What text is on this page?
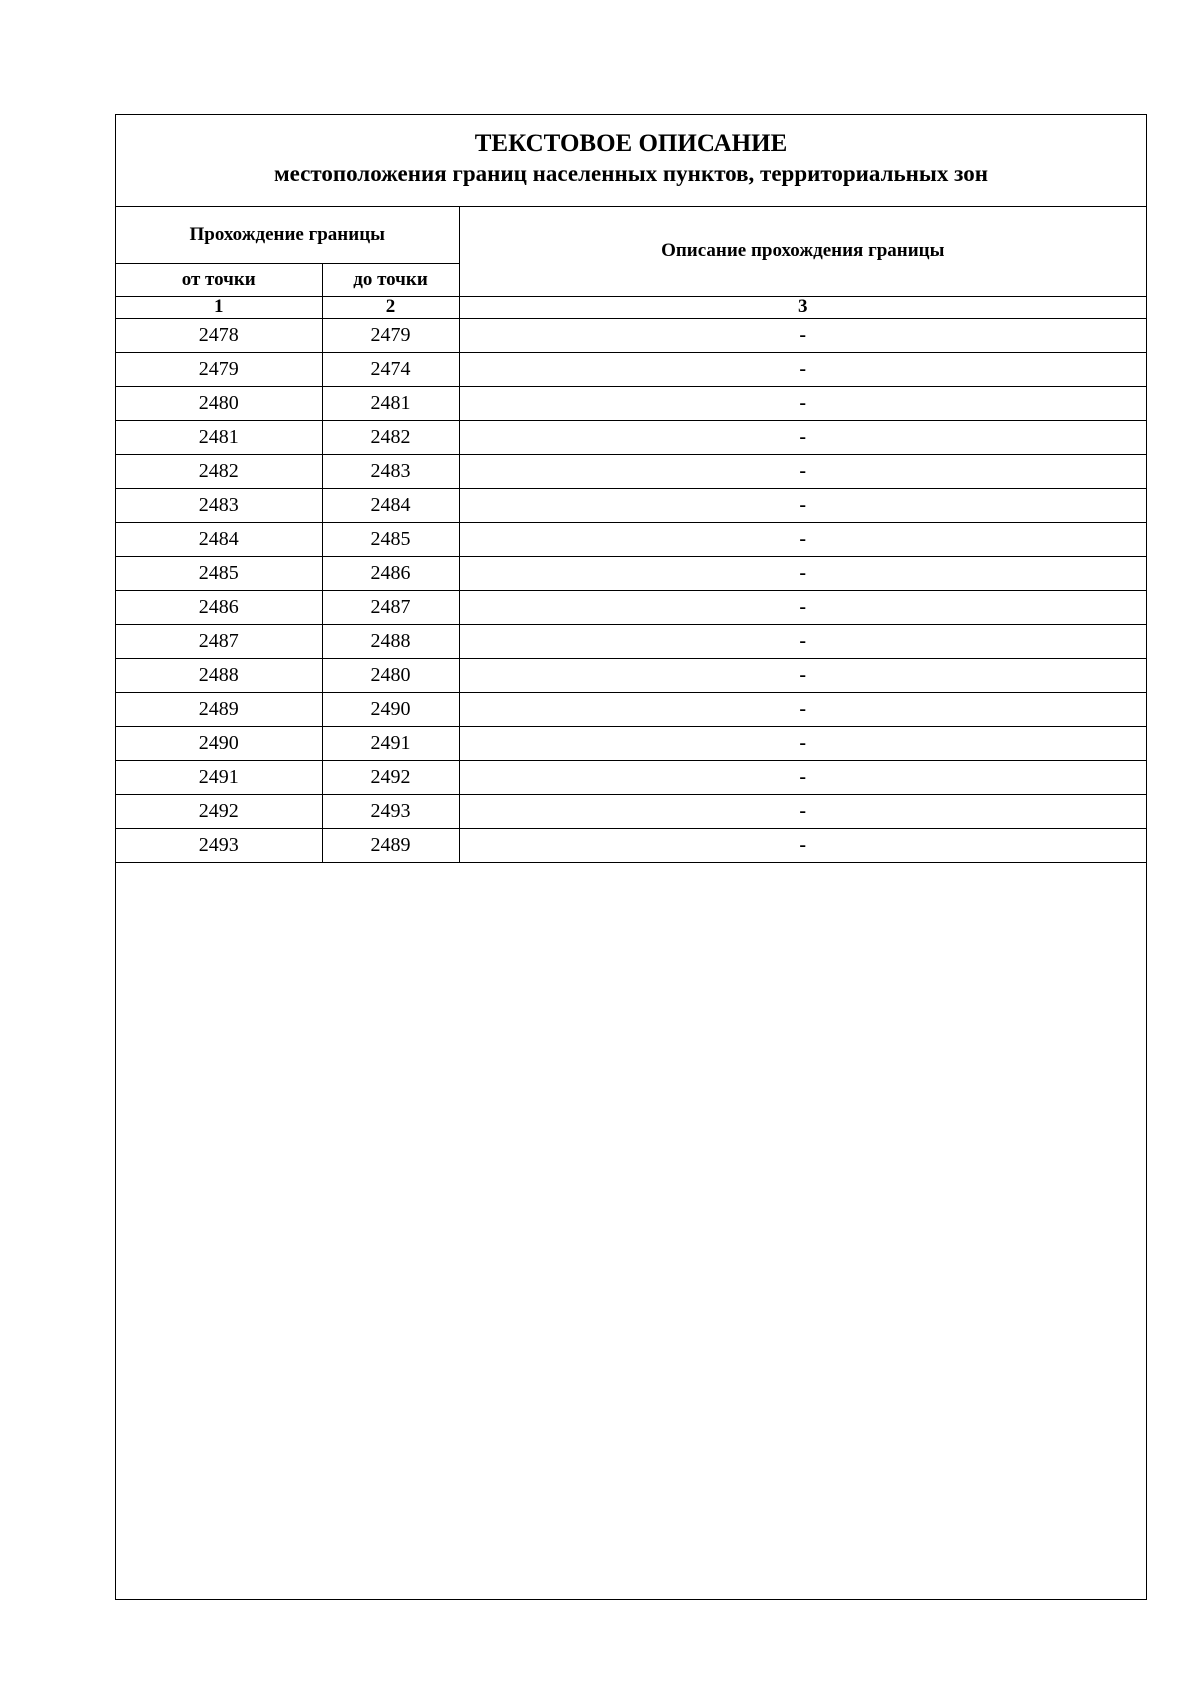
ТЕКСТОВОЕ ОПИСАНИЕ
местоположения границ населенных пунктов, территориальных зон
Прохождение границы		Описание прохождения границы
от точки	до точки	
1	2	3
2478	2479	-
2479	2474	-
2480	2481	-
2481	2482	-
2482	2483	-
2483	2484	-
2484	2485	-
2485	2486	-
2486	2487	-
2487	2488	-
2488	2480	-
2489	2490	-
2490	2491	-
2491	2492	-
2492	2493	-
2493	2489	-
